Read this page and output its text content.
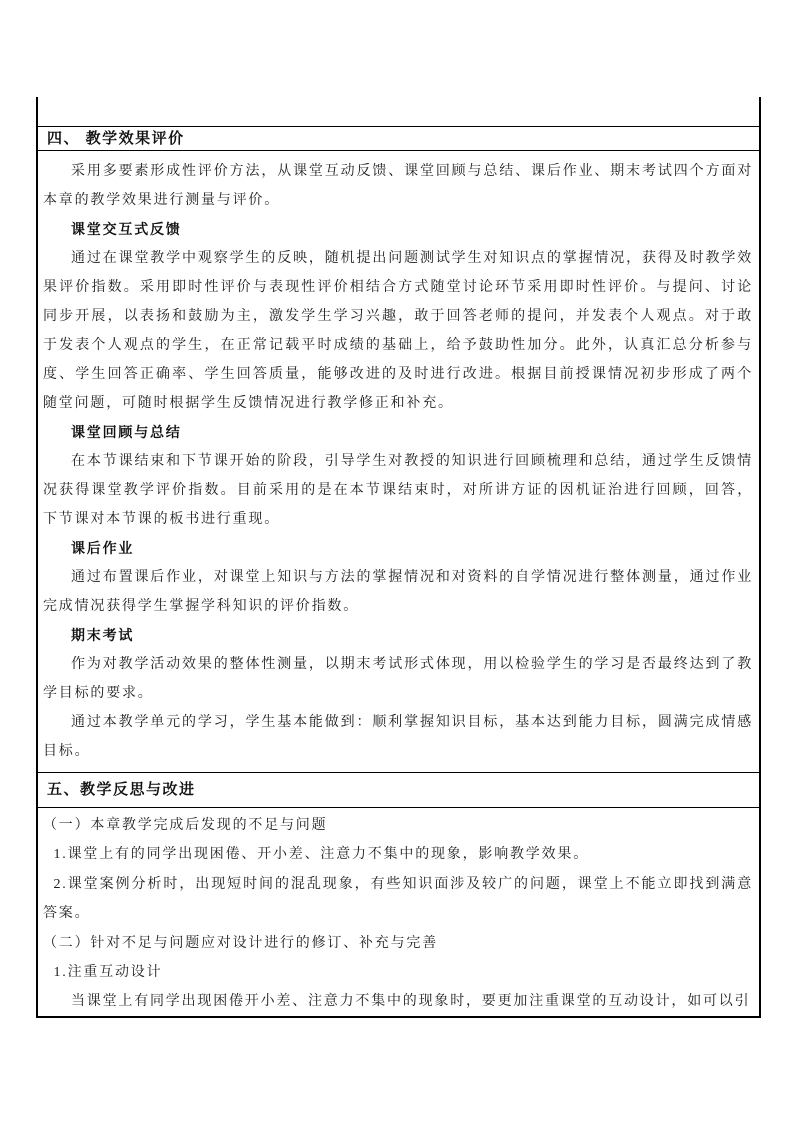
四、 教学效果评价

采用多要素形成性评价方法，从课堂互动反馈、课堂回顾与总结、课后作业、期末考试四个方面对本章的教学效果进行测量与评价。

课堂交互式反馈

通过在课堂教学中观察学生的反映，随机提出问题测试学生对知识点的掌握情况，获得及时教学效果评价指数。采用即时性评价与表现性评价相结合方式随堂讨论环节采用即时性评价。与提问、讨论同步开展，以表扬和鼓励为主，激发学生学习兴趣，敢于回答老师的提问，并发表个人观点。对于敢于发表个人观点的学生，在正常记载平时成绩的基础上，给予鼓助性加分。此外，认真汇总分析参与度、学生回答正确率、学生回答质量，能够改进的及时进行改进。根据目前授课情况初步形成了两个随堂问题，可随时根据学生反馈情况进行教学修正和补充。

课堂回顾与总结

在本节课结束和下节课开始的阶段，引导学生对教授的知识进行回顾梳理和总结，通过学生反馈情况获得课堂教学评价指数。目前采用的是在本节课结束时，对所讲方证的因机证治进行回顾，回答，下节课对本节课的板书进行重现。

课后作业

通过布置课后作业，对课堂上知识与方法的掌握情况和对资料的自学情况进行整体测量，通过作业完成情况获得学生掌握学科知识的评价指数。

期末考试

作为对教学活动效果的整体性测量，以期末考试形式体现，用以检验学生的学习是否最终达到了教学目标的要求。

通过本教学单元的学习，学生基本能做到：顺利掌握知识目标，基本达到能力目标，圆满完成情感目标。

五、教学反思与改进

（一）本章教学完成后发现的不足与问题

1.课堂上有的同学出现困倦、开小差、注意力不集中的现象，影响教学效果。

2.课堂案例分析时，出现短时间的混乱现象，有些知识面涉及较广的问题，课堂上不能立即找到满意答案。

（二）针对不足与问题应对设计进行的修订、补充与完善

1.注重互动设计

当课堂上有同学出现困倦开小差、注意力不集中的现象时，要更加注重课堂的互动设计，如可以引
